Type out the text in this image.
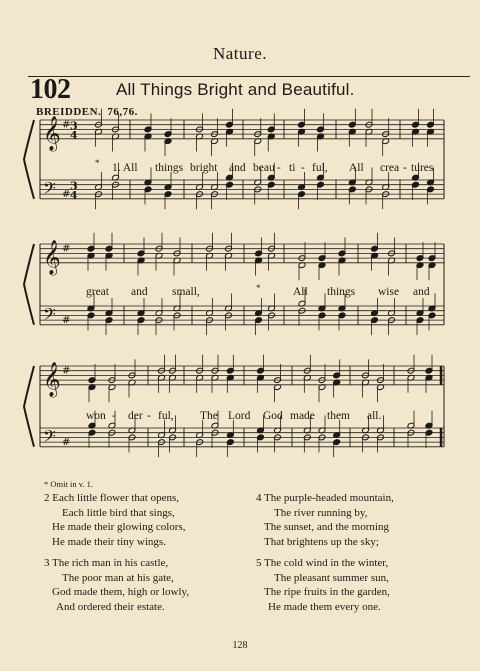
Nature.
102	All Things Bright and Beautiful.
BREIDDEN. 76,76.
𝄞
𝄢
#
#
3
3
4
4
𝄞
𝄢
#
#
𝄞
𝄢
#
#
* 1. All things bright and beau - ti - ful, All crea - tures
great and small,	*	All things wise and
won - der - ful, The Lord God made them all.
* Omit in v. 1.
2 Each little flower that opens,
Each little bird that sings,
He made their glowing colors,
He made their tiny wings.
3 The rich man in his castle,
The poor man at his gate,
God made them, high or lowly,
And ordered their estate.
4 The purple-headed mountain,
The river running by,
The sunset, and the morning
That brightens up the sky;
5 The cold wind in the winter,
The pleasant summer sun,
The ripe fruits in the garden,
He made them every one.
128
